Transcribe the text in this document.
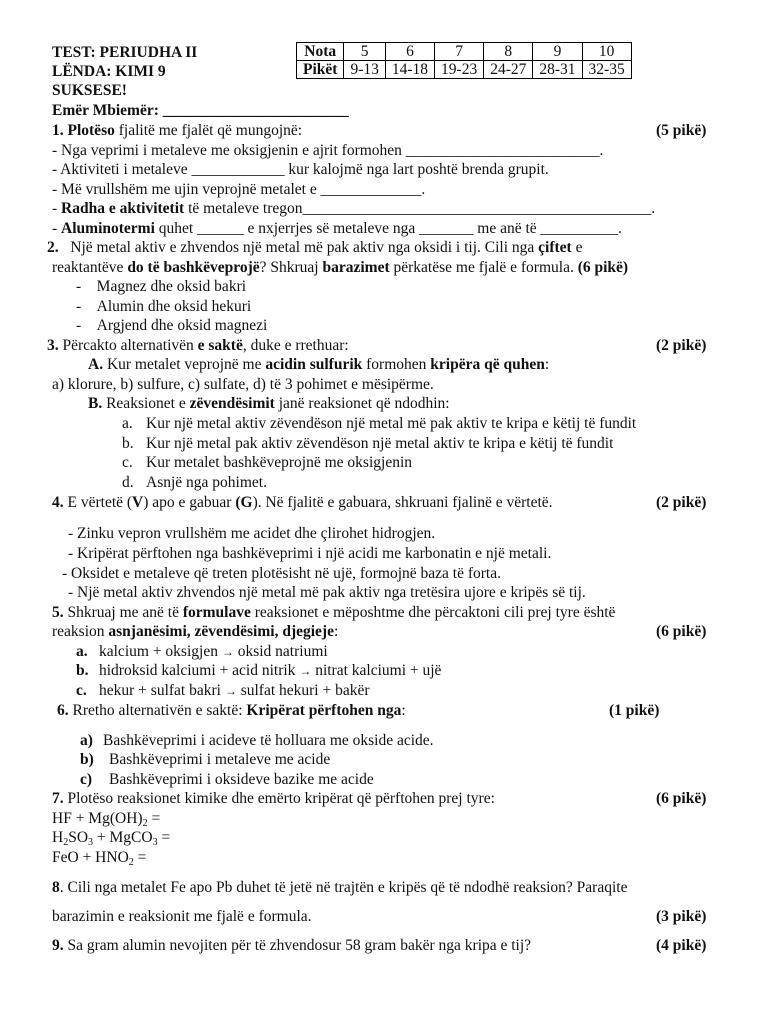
TEST: PERIUDHA II
LËNDA: KIMI 9
SUKSESE!
Emër Mbiemër: ________________________
Nota	5	6	7	8	9	10
Pikët	9-13	14-18	19-23	24-27	28-31	32-35
1. Plotëso fjalitë me fjalët që mungojnë:	(5 pikë)
- Nga veprimi i metaleve me oksigjenin e ajrit formohen _________________________.
- Aktiviteti i metaleve ____________ kur kalojmë nga lart poshtë brenda grupit.
- Më vrullshëm me ujin veprojnë metalet e _____________.
- Radha e aktivitetit të metaleve tregon_____________________________________________.
- Aluminotermi quhet ______ e nxjerrjes së metaleve nga _______ me anë të __________.
2. Një metal aktiv e zhvendos një metal më pak aktiv nga oksidi i tij. Cili nga çiftet e
reaktantëve do të bashkëveprojë? Shkruaj barazimet përkatëse me fjalë e formula. (6 pikë)
-    Magnez dhe oksid bakri
-    Alumin dhe oksid hekuri
-    Argjend dhe oksid magnezi
3. Përcakto alternativën e saktë, duke e rrethuar:	(2 pikë)
A. Kur metalet veprojnë me acidin sulfurik formohen kripëra që quhen:
a) klorure, b) sulfure, c) sulfate, d) të 3 pohimet e mësipërme.
B. Reaksionet e zëvendësimit janë reaksionet që ndodhin:
a. Kur një metal aktiv zëvendëson një metal më pak aktiv te kripa e këtij të fundit
b. Kur një metal pak aktiv zëvendëson një metal aktiv te kripa e këtij të fundit
c. Kur metalet bashkëveprojnë me oksigjenin
d. Asnjë nga pohimet.
4. E vërtetë (V) apo e gabuar (G). Në fjalitë e gabuara, shkruani fjalinë e vërtetë.	(2 pikë)
- Zinku vepron vrullshëm me acidet dhe çlirohet hidrogjen.
- Kripërat përftohen nga bashkëveprimi i një acidi me karbonatin e një metali.
- Oksidet e metaleve që treten plotësisht në ujë, formojnë baza të forta.
- Një metal aktiv zhvendos një metal më pak aktiv nga tretësira ujore e kripës së tij.
5. Shkruaj me anë të formulave reaksionet e mëposhtme dhe përcaktoni cili prej tyre është
reaksion asnjanësimi, zëvendësimi, djegieje:	(6 pikë)
a. kalcium + oksigjen → oksid natriumi
b. hidroksid kalciumi + acid nitrik → nitrat kalciumi + ujë
c. hekur + sulfat bakri → sulfat hekuri + bakër
6. Rretho alternativën e saktë: Kripërat përftohen nga:	(1 pikë)
a) Bashkëveprimi i acideve të holluara me okside acide.
b) Bashkëveprimi i metaleve me acide
c) Bashkëveprimi i oksideve bazike me acide
7. Plotëso reaksionet kimike dhe emërto kripërat që përftohen prej tyre:	(6 pikë)
HF + $Mg(OH)_2$ =
$H_2SO_3$ + MgCO$_3$ =
FeO + $HNO_2$ =
8. Cili nga metalet Fe apo Pb duhet të jetë në trajtën e kripës që të ndodhë reaksion? Paraqite
barazimin e reaksionit me fjalë e formula.	(3 pikë)
9. Sa gram alumin nevojiten për të zhvendosur 58 gram bakër nga kripa e tij?	(4 pikë)
